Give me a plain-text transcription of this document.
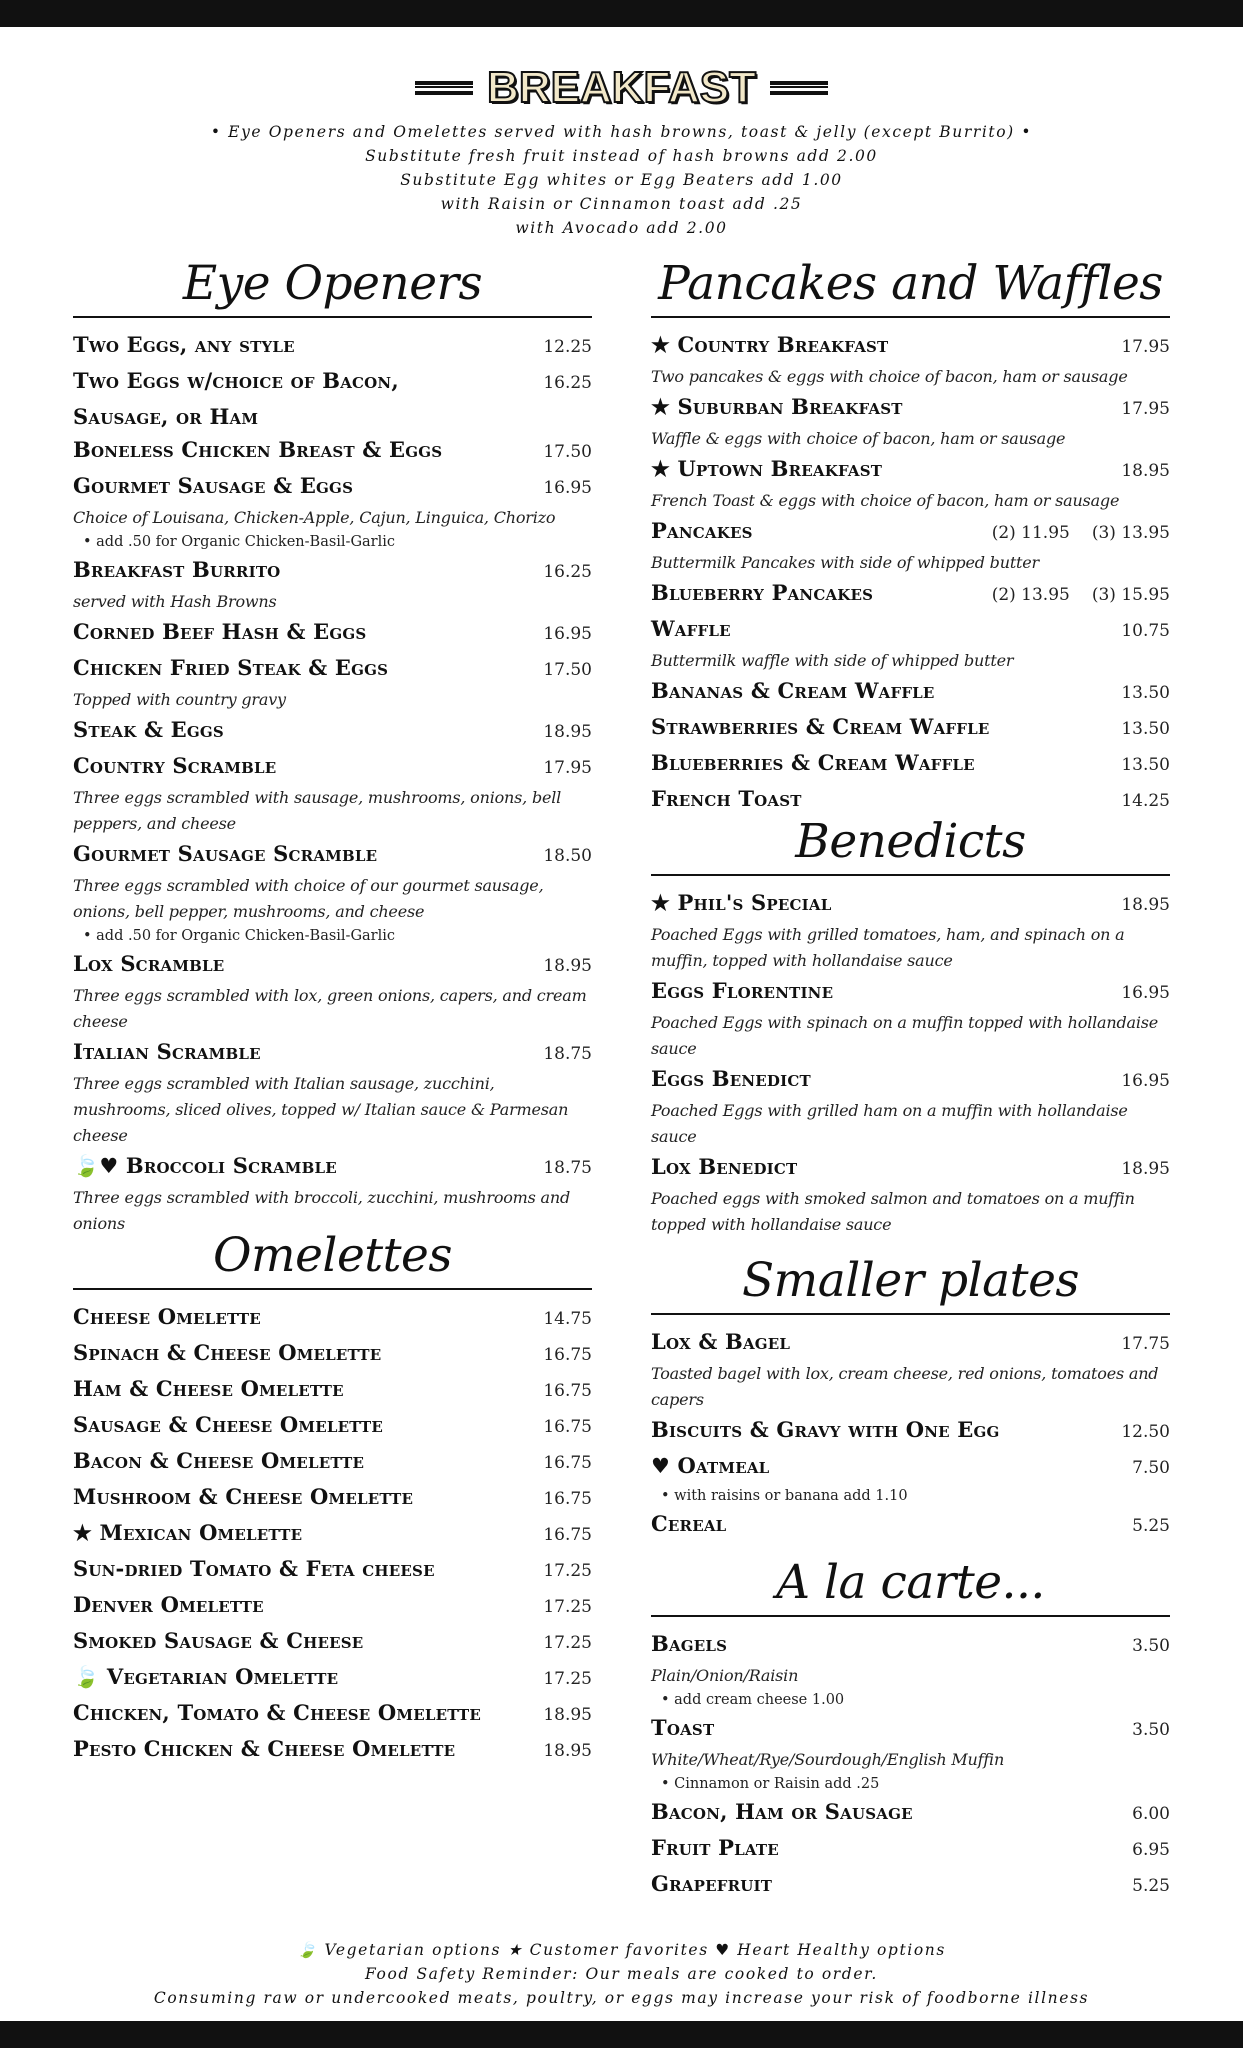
BREAKFAST
• Eye Openers and Omelettes served with hash browns, toast & jelly (except Burrito) •
Substitute fresh fruit instead of hash browns add 2.00
Substitute Egg whites or Egg Beaters add 1.00
with Raisin or Cinnamon toast add .25
with Avocado add 2.00
Eye Openers
Two Eggs, any style	12.25
Two Eggs w/choice of Bacon,	16.25
Sausage, or Ham
Boneless Chicken Breast & Eggs	17.50
Gourmet Sausage & Eggs	16.95
Choice of Louisana, Chicken-Apple, Cajun, Linguica, Chorizo
• add .50 for Organic Chicken-Basil-Garlic
Breakfast Burrito	16.25
served with Hash Browns
Corned Beef Hash & Eggs	16.95
Chicken Fried Steak & Eggs	17.50
Topped with country gravy
Steak & Eggs	18.95
Country Scramble	17.95
Three eggs scrambled with sausage, mushrooms, onions, bell peppers, and cheese
Gourmet Sausage Scramble	18.50
Three eggs scrambled with choice of our gourmet sausage, onions, bell pepper, mushrooms, and cheese
• add .50 for Organic Chicken-Basil-Garlic
Lox Scramble	18.95
Three eggs scrambled with lox, green onions, capers, and cream cheese
Italian Scramble	18.75
Three eggs scrambled with Italian sausage, zucchini, mushrooms, sliced olives, topped w/ Italian sauce & Parmesan cheese
🍃♥ Broccoli Scramble	18.75
Three eggs scrambled with broccoli, zucchini, mushrooms and onions
Omelettes
Cheese Omelette	14.75
Spinach & Cheese Omelette	16.75
Ham & Cheese Omelette	16.75
Sausage & Cheese Omelette	16.75
Bacon & Cheese Omelette	16.75
Mushroom & Cheese Omelette	16.75
★ Mexican Omelette	16.75
Sun-dried Tomato & Feta cheese	17.25
Denver Omelette	17.25
Smoked Sausage & Cheese	17.25
🍃 Vegetarian Omelette	17.25
Chicken, Tomato & Cheese Omelette	18.95
Pesto Chicken & Cheese Omelette	18.95
Pancakes and Waffles
★ Country Breakfast	17.95
Two pancakes & eggs with choice of bacon, ham or sausage
★ Suburban Breakfast	17.95
Waffle & eggs with choice of bacon, ham or sausage
★ Uptown Breakfast	18.95
French Toast & eggs with choice of bacon, ham or sausage
Pancakes	(2) 11.95 (3) 13.95
Buttermilk Pancakes with side of whipped butter
Blueberry Pancakes	(2) 13.95 (3) 15.95
Waffle	10.75
Buttermilk waffle with side of whipped butter
Bananas & Cream Waffle	13.50
Strawberries & Cream Waffle	13.50
Blueberries & Cream Waffle	13.50
French Toast	14.25
Benedicts
★ Phil's Special	18.95
Poached Eggs with grilled tomatoes, ham, and spinach on a muffin, topped with hollandaise sauce
Eggs Florentine	16.95
Poached Eggs with spinach on a muffin topped with hollandaise sauce
Eggs Benedict	16.95
Poached Eggs with grilled ham on a muffin with hollandaise sauce
Lox Benedict	18.95
Poached eggs with smoked salmon and tomatoes on a muffin topped with hollandaise sauce
Smaller plates
Lox & Bagel	17.75
Toasted bagel with lox, cream cheese, red onions, tomatoes and capers
Biscuits & Gravy with One Egg	12.50
♥ Oatmeal	7.50
• with raisins or banana add 1.10
Cereal	5.25
A la carte...
Bagels	3.50
Plain/Onion/Raisin
• add cream cheese 1.00
Toast	3.50
White/Wheat/Rye/Sourdough/English Muffin
• Cinnamon or Raisin add .25
Bacon, Ham or Sausage	6.00
Fruit Plate	6.95
Grapefruit	5.25
🍃 Vegetarian options ★ Customer favorites ♥ Heart Healthy options
Food Safety Reminder: Our meals are cooked to order.
Consuming raw or undercooked meats, poultry, or eggs may increase your risk of foodborne illness
